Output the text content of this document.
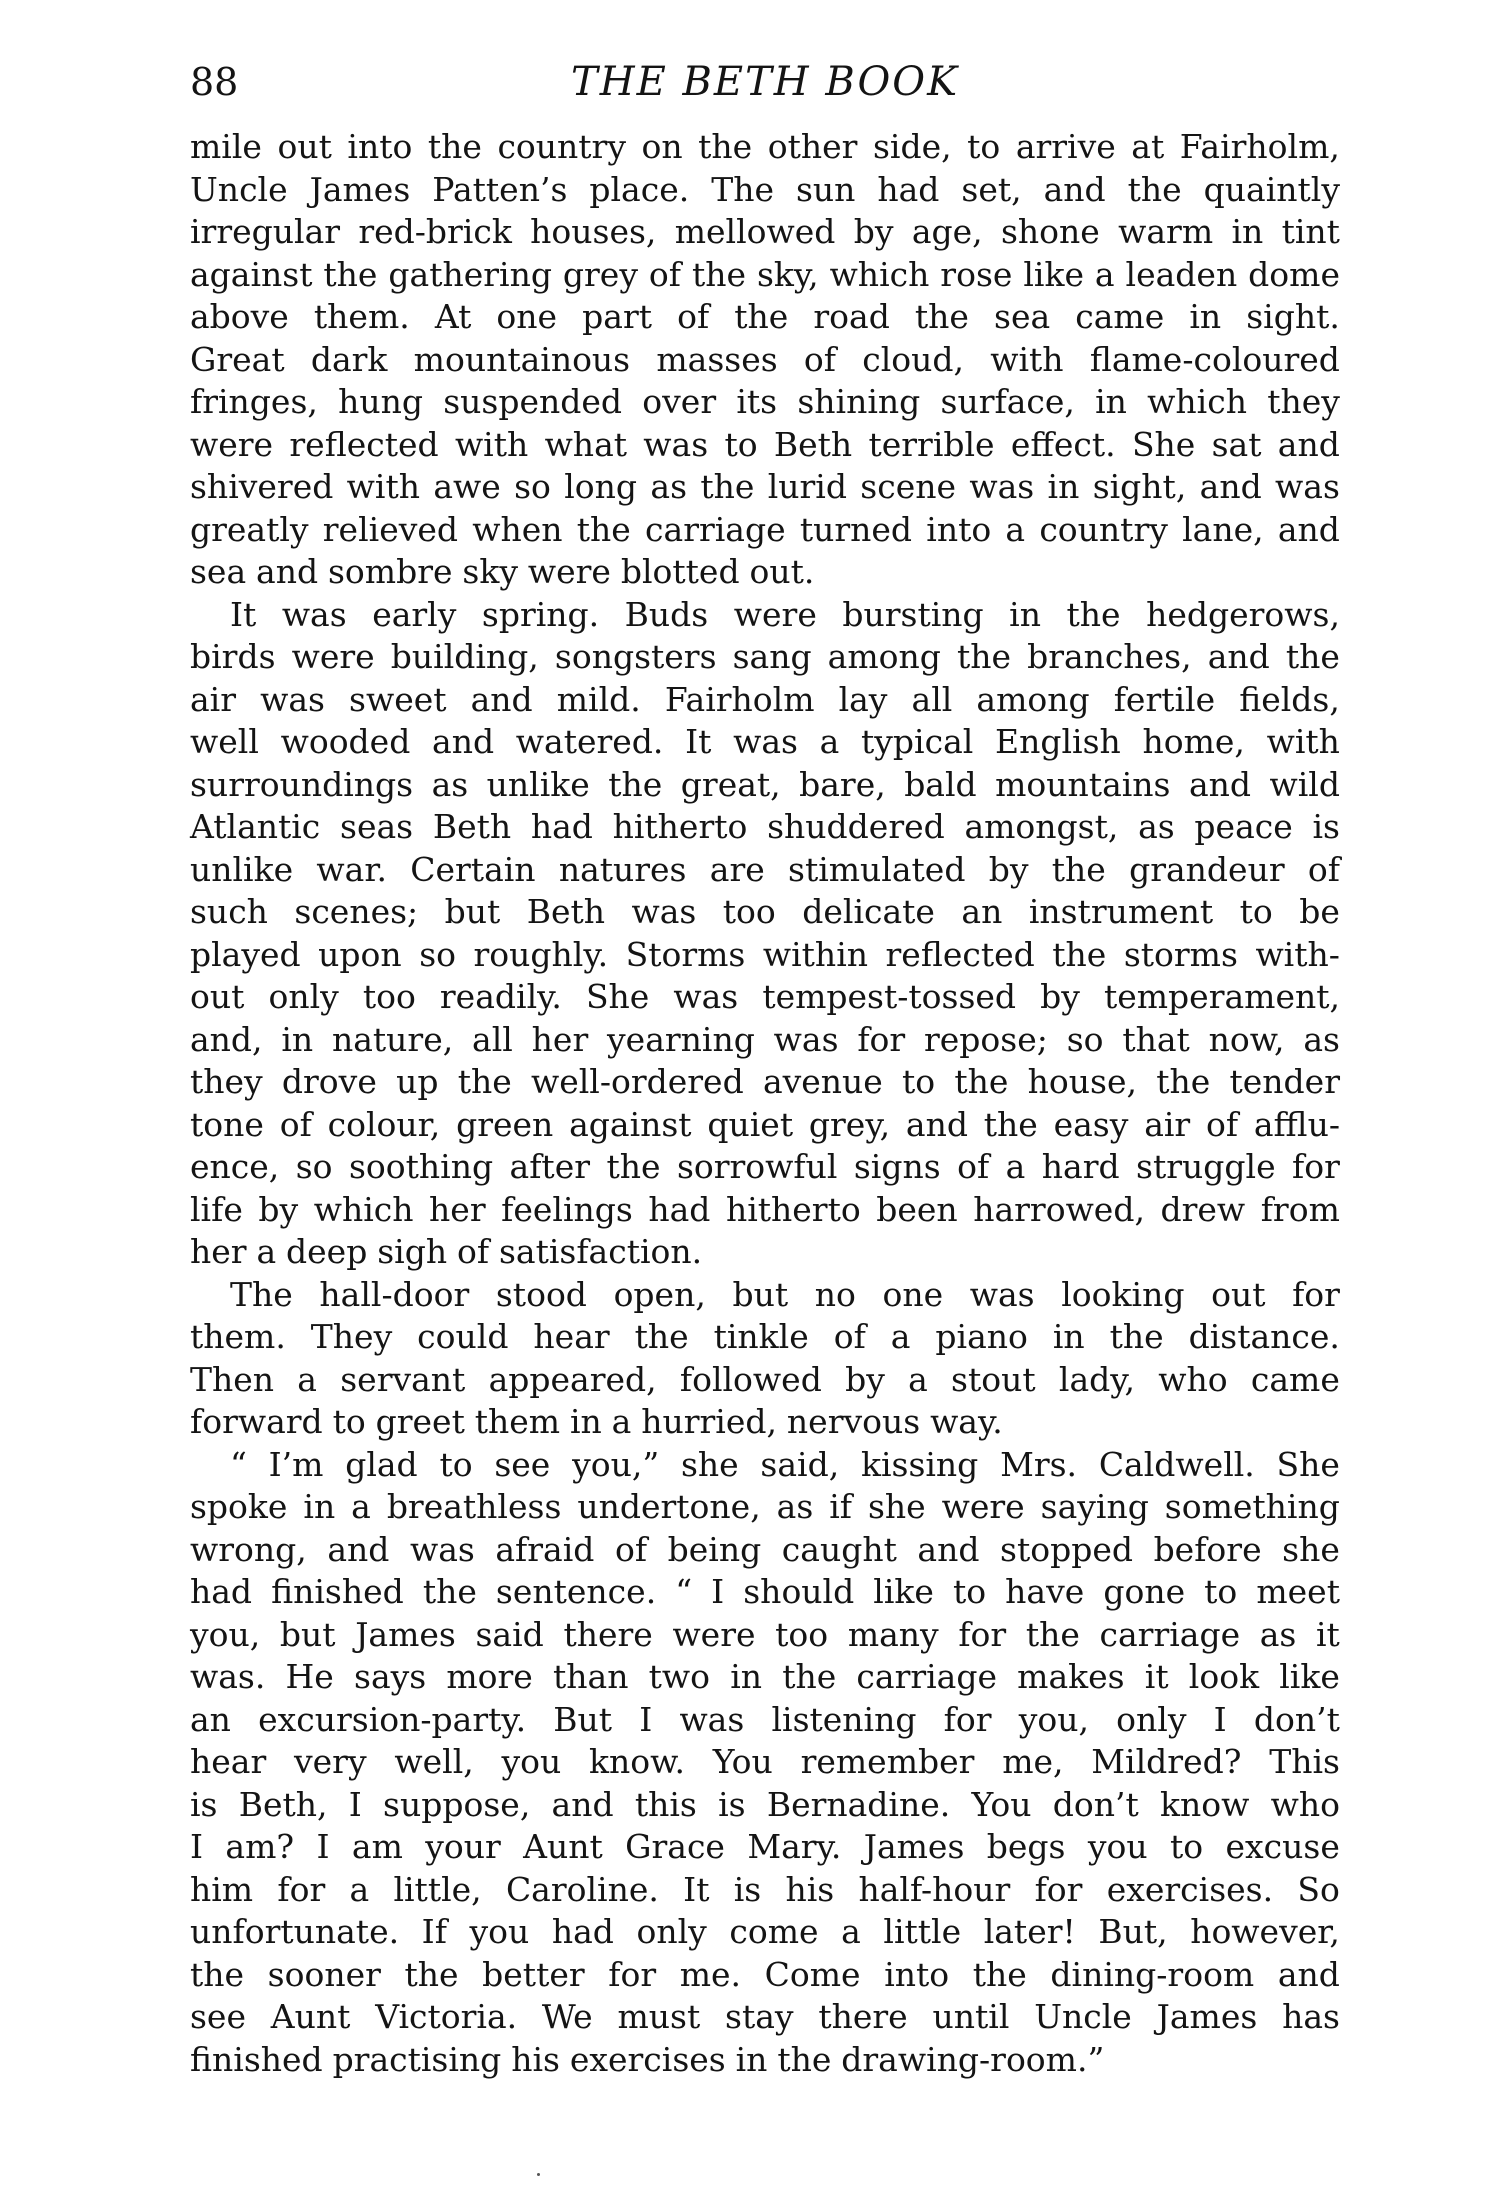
88	THE BETH BOOK
mile out into the country on the other side, to arrive at Fairholm,
Uncle James Patten’s place. The sun had set, and the quaintly
irregular red-brick houses, mellowed by age, shone warm in tint
against the gathering grey of the sky, which rose like a leaden dome
above them. At one part of the road the sea came in sight.
Great dark mountainous masses of cloud, with flame-coloured
fringes, hung suspended over its shining surface, in which they
were reflected with what was to Beth terrible effect. She sat and
shivered with awe so long as the lurid scene was in sight, and was
greatly relieved when the carriage turned into a country lane, and
sea and sombre sky were blotted out.
It was early spring. Buds were bursting in the hedgerows,
birds were building, songsters sang among the branches, and the
air was sweet and mild. Fairholm lay all among fertile fields,
well wooded and watered. It was a typical English home, with
surroundings as unlike the great, bare, bald mountains and wild
Atlantic seas Beth had hitherto shuddered amongst, as peace is
unlike war. Certain natures are stimulated by the grandeur of
such scenes; but Beth was too delicate an instrument to be
played upon so roughly. Storms within reflected the storms with-
out only too readily. She was tempest-tossed by temperament,
and, in nature, all her yearning was for repose; so that now, as
they drove up the well-ordered avenue to the house, the tender
tone of colour, green against quiet grey, and the easy air of afflu-
ence, so soothing after the sorrowful signs of a hard struggle for
life by which her feelings had hitherto been harrowed, drew from
her a deep sigh of satisfaction.
The hall-door stood open, but no one was looking out for
them. They could hear the tinkle of a piano in the distance.
Then a servant appeared, followed by a stout lady, who came
forward to greet them in a hurried, nervous way.
“ I’m glad to see you,” she said, kissing Mrs. Caldwell. She
spoke in a breathless undertone, as if she were saying something
wrong, and was afraid of being caught and stopped before she
had finished the sentence. “ I should like to have gone to meet
you, but James said there were too many for the carriage as it
was. He says more than two in the carriage makes it look like
an excursion-party. But I was listening for you, only I don’t
hear very well, you know. You remember me, Mildred? This
is Beth, I suppose, and this is Bernadine. You don’t know who
I am? I am your Aunt Grace Mary. James begs you to excuse
him for a little, Caroline. It is his half-hour for exercises. So
unfortunate. If you had only come a little later! But, however,
the sooner the better for me. Come into the dining-room and
see Aunt Victoria. We must stay there until Uncle James has
finished practising his exercises in the drawing-room.”
